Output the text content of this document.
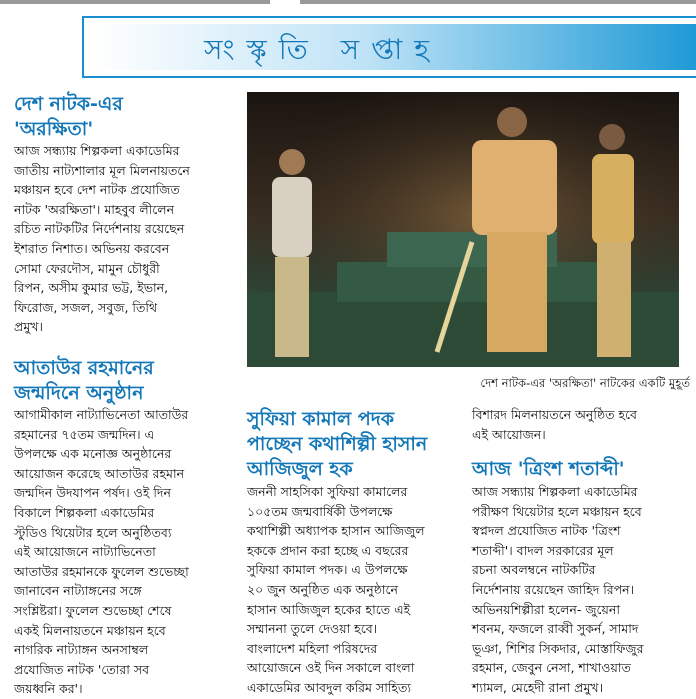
সংস্কৃতি সপ্তাহ

দেশ নাটক-এর

'অরক্ষিতা'

আজ সন্ধ্যায় শিল্পকলা একাডেমির
জাতীয় নাট্যশালার মূল মিলনায়তনে
মঞ্চায়ন হবে দেশ নাটক প্রযোজিত
নাটক 'অরক্ষিতা'। মাহবুব লীলেন
রচিত নাটকটির নির্দেশনায় রয়েছেন
ইশরাত নিশাত। অভিনয় করবেন
সোমা ফেরদৌস, মামুন চৌধুরী
রিপন, অসীম কুমার ভট্ট, ইভান,
ফিরোজ, সজল, সবুজ, তিথি
প্রমুখ।

দেশ নাটক-এর 'অরক্ষিতা' নাটকের একটি মুহূর্ত

আতাউর রহমানের

জন্মদিনে অনুষ্ঠান

আগামীকাল নাট্যাভিনেতা আতাউর
রহমানের ৭৫তম জন্মদিন। এ
উপলক্ষে এক মনোজ্ঞ অনুষ্ঠানের
আয়োজন করেছে আতাউর রহমান
জন্মদিন উদযাপন পর্ষদ। ওই দিন
বিকালে শিল্পকলা একাডেমির
স্টুডিও থিয়েটার হলে অনুষ্ঠিতব্য
এই আয়োজনে নাট্যাভিনেতা
আতাউর রহমানকে ফুলেল শুভেচ্ছা
জানাবেন নাট্যাঙ্গনের সঙ্গে
সংশ্লিষ্টরা। ফুলেল শুভেচ্ছা শেষে
একই মিলনায়তনে মঞ্চায়ন হবে
নাগরিক নাট্যাঙ্গন অনসাম্বল
প্রযোজিত নাটক 'তোরা সব
জয়ধ্বনি কর'।

সুফিয়া কামাল পদক

পাচ্ছেন কথাশিল্পী হাসান

আজিজুল হক

জননী সাহসিকা সুফিয়া কামালের
১০৫তম জন্মবার্ষিকী উপলক্ষে
কথাশিল্পী অধ্যাপক হাসান আজিজুল
হককে প্রদান করা হচ্ছে এ বছরের
সুফিয়া কামাল পদক। এ উপলক্ষে
২০ জুন অনুষ্ঠিত এক অনুষ্ঠানে
হাসান আজিজুল হকের হাতে এই
সম্মাননা তুলে দেওয়া হবে।
বাংলাদেশ মহিলা পরিষদের
আয়োজনে ওই দিন সকালে বাংলা
একাডেমির আবদুল করিম সাহিত্য
বিশারদ মিলনায়তনে অনুষ্ঠিত হবে
এই আয়োজন।

আজ 'ত্রিংশ শতাব্দী'

আজ সন্ধ্যায় শিল্পকলা একাডেমির
পরীক্ষণ থিয়েটার হলে মঞ্চায়ন হবে
স্বপ্নদল প্রযোজিত নাটক 'ত্রিংশ
শতাব্দী'। বাদল সরকারের মূল
রচনা অবলম্বনে নাটকটির
নির্দেশনায় রয়েছেন জাহিদ রিপন।
অভিনয়শিল্পীরা হলেন- জুয়েনা
শবনম, ফজলে রাব্বী সুকর্ন, সামাদ
ভূঞা, শিশির সিকদার, মোস্তাফিজুর
রহমান, জেবুন নেসা, শাখাওয়াত
শ্যামল, মেহেদী রানা প্রমুখ।
